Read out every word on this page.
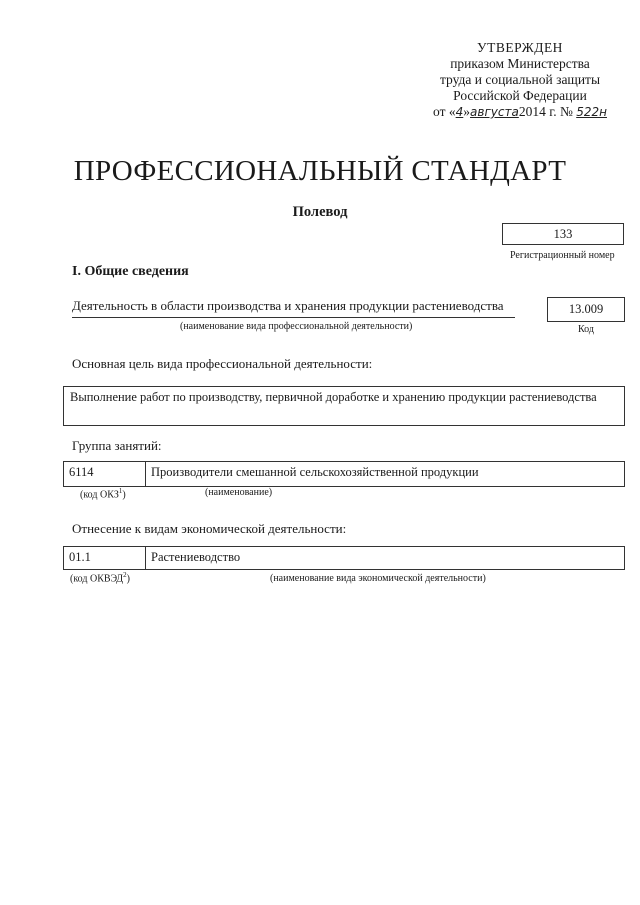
УТВЕРЖДЕН
приказом Министерства
труда и социальной защиты
Российской Федерации
от «4»августа2014 г. № 522н
ПРОФЕССИОНАЛЬНЫЙ СТАНДАРТ
Полевод
133
Регистрационный номер
I. Общие сведения
Деятельность в области производства и хранения продукции растениеводства
(наименование вида профессиональной деятельности)
13.009
Код
Основная цель вида профессиональной деятельности:
Выполнение работ по производству, первичной доработке и хранению продукции растениеводства
Группа занятий:
6114	Производители смешанной сельскохозяйственной продукции
(код ОКЗ$^1$)	(наименование)
Отнесение к видам экономической деятельности:
01.1	Растениеводство
(код ОКВЭД$^2$)	(наименование вида экономической деятельности)
